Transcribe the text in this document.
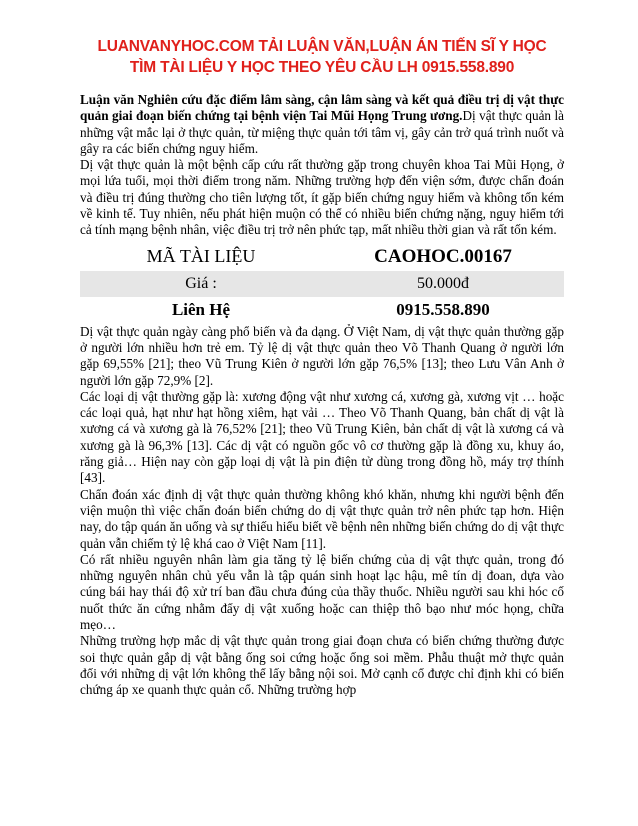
LUANVANYHOC.COM TẢI LUẬN VĂN,LUẬN ÁN TIẾN SĨ Y HỌC
TÌM TÀI LIỆU Y HỌC THEO YÊU CẦU LH 0915.558.890

Luận văn Nghiên cứu đặc điểm lâm sàng, cận lâm sàng và kết quả điều trị dị vật thực quản giai đoạn biến chứng tại bệnh viện Tai Mũi Họng Trung ương.Dị vật thực quản là những vật mắc lại ở thực quản, từ miệng thực quản tới tâm vị, gây cản trở quá trình nuốt và gây ra các biến chứng nguy hiểm.

Dị vật thực quản là một bệnh cấp cứu rất thường gặp trong chuyên khoa Tai Mũi Họng, ở mọi lứa tuổi, mọi thời điểm trong năm. Những trường hợp đến viện sớm, được chẩn đoán và điều trị đúng thường cho tiên lượng tốt, ít gặp biến chứng nguy hiểm và không tốn kém về kinh tế. Tuy nhiên, nếu phát hiện muộn có thể có nhiều biến chứng nặng, nguy hiểm tới cả tính mạng bệnh nhân, việc điều trị trở nên phức tạp, mất nhiều thời gian và rất tốn kém.

MÃ TÀI LIỆU	CAOHOC.00167
Giá :	50.000đ
Liên Hệ	0915.558.890

Dị vật thực quản ngày càng phổ biến và đa dạng. Ở Việt Nam, dị vật thực quản thường gặp ở người lớn nhiều hơn trẻ em. Tỷ lệ dị vật thực quản theo Võ Thanh Quang ở người lớn gặp 69,55% [21]; theo Vũ Trung Kiên ở người lớn gặp 76,5% [13]; theo Lưu Vân Anh ở người lớn gặp 72,9% [2].

Các loại dị vật thường gặp là: xương động vật như xương cá, xương gà, xương vịt … hoặc các loại quả, hạt như hạt hồng xiêm, hạt vải … Theo Võ Thanh Quang, bản chất dị vật là xương cá và xương gà là 76,52% [21]; theo Vũ Trung Kiên, bản chất dị vật là xương cá và xương gà là 96,3% [13]. Các dị vật có nguồn gốc vô cơ thường gặp là đồng xu, khuy áo, răng giả… Hiện nay còn gặp loại dị vật là pin điện tử dùng trong đồng hồ, máy trợ thính [43].

Chẩn đoán xác định dị vật thực quản thường không khó khăn, nhưng khi người bệnh đến viện muộn thì việc chẩn đoán biến chứng do dị vật thực quản trở nên phức tạp hơn. Hiện nay, do tập quán ăn uống và sự thiếu hiểu biết về bệnh nên những biến chứng do dị vật thực quản vẫn chiếm tỷ lệ khá cao ở Việt Nam [11].

Có rất nhiều nguyên nhân làm gia tăng tỷ lệ biến chứng của dị vật thực quản, trong đó những nguyên nhân chủ yếu vẫn là tập quán sinh hoạt lạc hậu, mê tín dị đoan, dựa vào cúng bái hay thái độ xử trí ban đầu chưa đúng của thầy thuốc. Nhiều người sau khi hóc cố nuốt thức ăn cứng nhằm đẩy dị vật xuống hoặc can thiệp thô bạo như móc họng, chữa mẹo…

Những trường hợp mắc dị vật thực quản trong giai đoạn chưa có biến chứng thường được soi thực quản gắp dị vật bằng ống soi cứng hoặc ống soi mềm. Phẫu thuật mở thực quản đối với những dị vật lớn không thể lấy bằng nội soi. Mở cạnh cổ được chỉ định khi có biến chứng áp xe quanh thực quản cổ. Những trường hợp
